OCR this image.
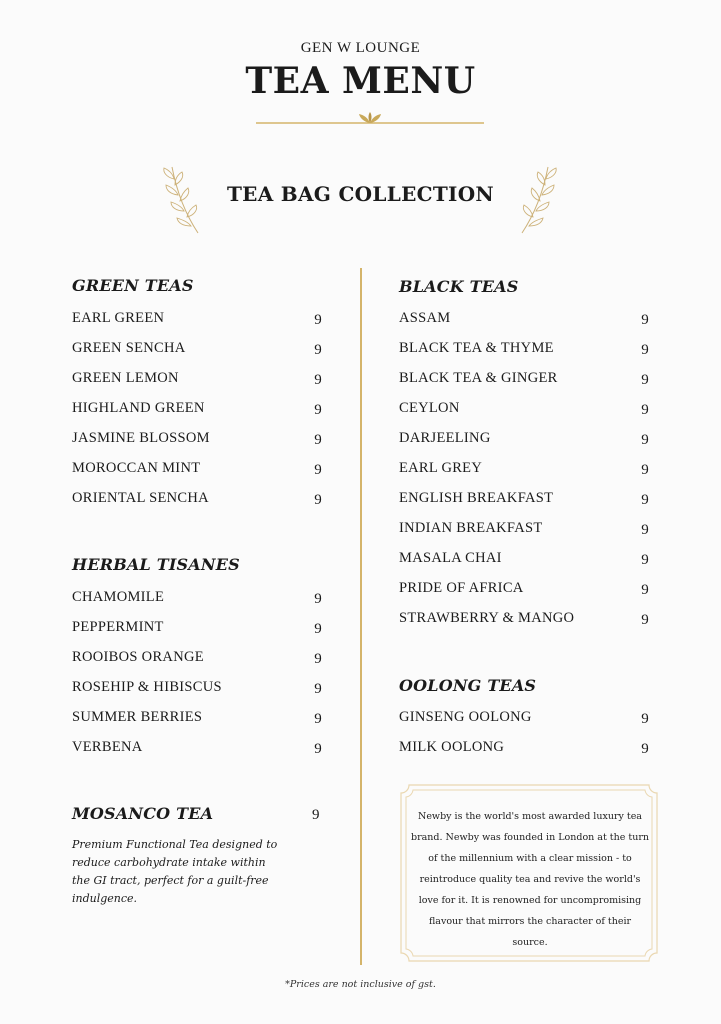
GEN W LOUNGE
TEA MENU
TEA BAG COLLECTION
GREEN TEAS
EARL GREEN	9
GREEN SENCHA	9
GREEN LEMON	9
HIGHLAND GREEN	9
JASMINE BLOSSOM	9
MOROCCAN MINT	9
ORIENTAL SENCHA	9
HERBAL TISANES
CHAMOMILE	9
PEPPERMINT	9
ROOIBOS ORANGE	9
ROSEHIP & HIBISCUS	9
SUMMER BERRIES	9
VERBENA	9
MOSANCO TEA	9
Premium Functional Tea designed to reduce carbohydrate intake within the GI tract, perfect for a guilt-free indulgence.
BLACK TEAS
ASSAM	9
BLACK TEA & THYME	9
BLACK TEA & GINGER	9
CEYLON	9
DARJEELING	9
EARL GREY	9
ENGLISH BREAKFAST	9
INDIAN BREAKFAST	9
MASALA CHAI	9
PRIDE OF AFRICA	9
STRAWBERRY & MANGO	9
OOLONG TEAS
GINSENG OOLONG	9
MILK OOLONG	9
Newby is the world's most awarded luxury tea brand. Newby was founded in London at the turn of the millennium with a clear mission - to reintroduce quality tea and revive the world's love for it. It is renowned for uncompromising flavour that mirrors the character of their source.
*Prices are not inclusive of gst.
